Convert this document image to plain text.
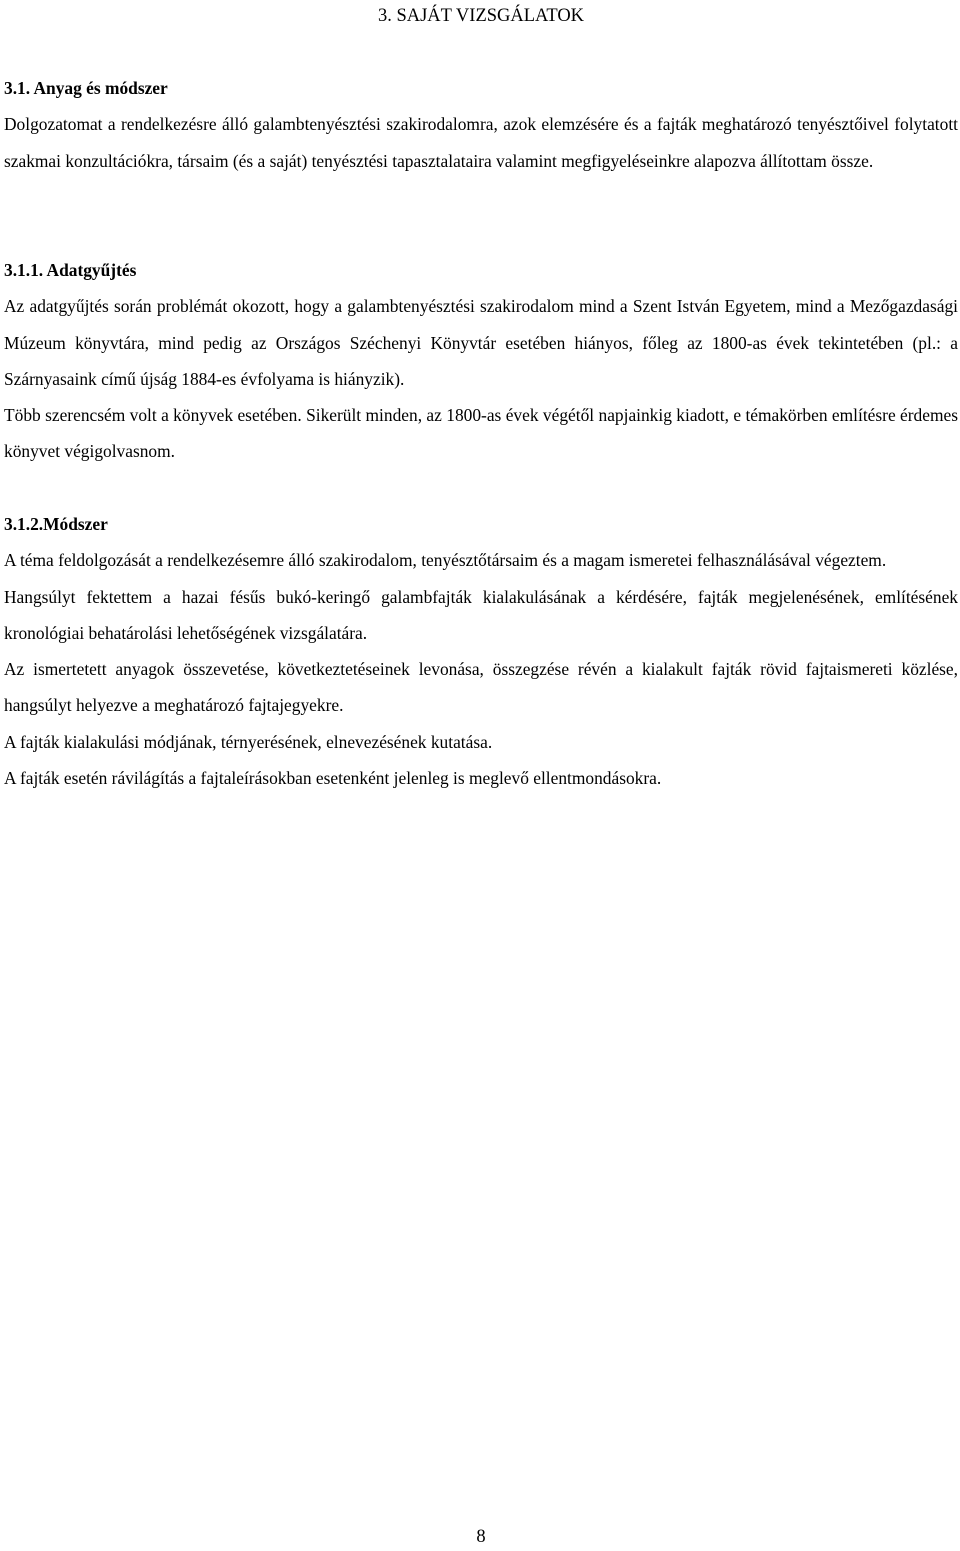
3. SAJÁT VIZSGÁLATOK
3.1. Anyag és módszer

Dolgozatomat a rendelkezésre álló galambtenyésztési szakirodalomra, azok elemzésére és a fajták meghatározó tenyésztőivel folytatott szakmai konzultációkra, társaim (és a saját) tenyésztési tapasztalataira valamint megfigyeléseinkre alapozva állítottam össze.

3.1.1. Adatgyűjtés

Az adatgyűjtés során problémát okozott, hogy a galambtenyésztési szakirodalom mind a Szent István Egyetem, mind a Mezőgazdasági Múzeum könyvtára, mind pedig az Országos Széchenyi Könyvtár esetében hiányos, főleg az 1800-as évek tekintetében (pl.: a Szárnyasaink című újság 1884-es évfolyama is hiányzik).

Több szerencsém volt a könyvek esetében. Sikerült minden, az 1800-as évek végétől napjainkig kiadott, e témakörben említésre érdemes könyvet végigolvasnom.

3.1.2.Módszer

A téma feldolgozását a rendelkezésemre álló szakirodalom, tenyésztőtársaim és a magam ismeretei felhasználásával végeztem.

Hangsúlyt fektettem a hazai fésűs bukó-keringő galambfajták kialakulásának a kérdésére, fajták megjelenésének, említésének kronológiai behatárolási lehetőségének vizsgálatára.

Az ismertetett anyagok összevetése, következtetéseinek levonása, összegzése révén a kialakult fajták rövid fajtaismereti közlése, hangsúlyt helyezve a meghatározó fajtajegyekre.

A fajták kialakulási módjának, térnyerésének, elnevezésének kutatása.

A fajták esetén rávilágítás a fajtaleírásokban esetenként jelenleg is meglevő ellentmondásokra.

8
